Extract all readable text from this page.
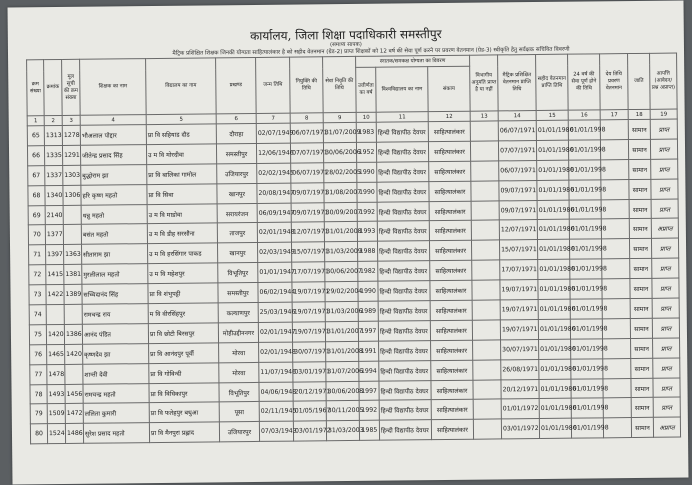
कार्यालय, जिला शिक्षा पदाधिकारी समस्तीपुर
(समाप्य सापक)
मैट्रिक प्रशिक्षित शिक्षक जिनकी योग्यता साहित्यालंकार है को सहीद वेतनमान (ग्रेड-2) प्राप्त शिक्षकों को 12 वर्ष की सेवा पूर्ण करने पर प्रवरण वेतनमान (ग्रेड-3) स्वीकृति हेतु सर्वक्षक सचिवित विवरणी
क्रम संख्या	क्रमांक	मूल सूची की क्रम संख्या	शिक्षक का नाम	विद्यालय का नाम	प्रखण्ड	जन्म तिथि	नियुक्ति की तिथि	सेवा निवृति की तिथि	स्नातक/समकक्ष योग्यता का विवरण			विभागीय अनुमति प्राप्त है या नहीं	मैट्रिक प्रशिक्षित वेतनमान प्राप्ति तिथि	सहीद वेतनमान प्राप्ति तिथि	24 वर्ष की सेवा पूर्ण होने की तिथि	देय तिथि प्रवरण वेतनमान	जाति	आपत्ति (आवेदन/प्रश्न अप्राप्त)
									उत्तीर्णता का वर्ष	विश्वविद्यालय का नाम	संकाय							
1	2	3	4	5	6	7	8	9	10	11	12	13	14	15	16	17	18	19
65	1313	1278	भौअलाल पोद्दार	प्रा वि सहियाड दौड	दौराहा	02/07/1949	06/07/1971	31/07/2009	1983	हिन्दी विद्यापीठ देवघर	साहित्यालंकार		06/07/1971	01/01/1986	01/01/1998		सामान	प्राप्त
66	1335	1291	जीतेन्द्र प्रसाद सिंह	उ म वि मोरदीवा	समस्तीपुर	12/06/1946	07/07/1971	30/06/2006	1952	हिन्दी विद्यापीठ देवघर	साहित्यालंकार		07/07/1971	01/01/1986	01/01/1998		सामान	प्राप्त
67	1337	1303	बुद्धोराम झा	प्रा वि बालिका गामोल	उजियारपुर	02/02/1945	06/07/1971	28/02/2005	1990	हिन्दी विद्यापीठ देवघर	साहित्यालंकार		06/07/1971	01/01/1986	01/01/1998		सामान	प्राप्त
68	1340	1306	हरि कृष्ण महतो	प्रा वि सिवा	खानपुर	20/08/1947	09/07/1971	31/08/2007	1990	हिन्दी विद्यापीठ देवघर	साहित्यालंकार		09/07/1971	01/01/1986	01/01/1998		सामान	प्राप्त
69	2140		धन्नु महतो	उ म वि माडोवा	सरायरंजन	06/09/1947	09/07/1971	30/09/2007	1992	हिन्दी विद्यापीठ देवघर	साहित्यालंकार		09/07/1971	01/01/1986	01/01/1998		सामान	प्राप्त
70	1377		बसंत महतो	उ म वि डीह सरसौना	ताजपुर	02/01/1948	12/07/1971	31/01/2008	1993	हिन्दी विद्यापीठ देवघर	साहित्यालंकार		12/07/1971	01/01/1986	01/01/1998		सामान	अप्राप्त
71	1397	1363	सीताराम झा	उ म वि हरसिंगार पाकड	खानपुर	02/03/1949	15/07/1971	31/03/2009	1988	हिन्दी विद्यापीठ देवघर	साहित्यालंकार		15/07/1971	01/01/1986	01/01/1998		सामान	प्राप्त
72	1415	1381	मुरलीलाल महतो	उ म वि महेशपुर	विभूतिपुर	01/01/1947	17/07/1971	30/06/2007	1982	हिन्दी विद्यापीठ देवघर	साहित्यालंकार		17/07/1971	01/01/1986	01/01/1998		सामान	प्राप्त
73	1422	1389	सच्चिदानंद सिंह	प्रा वि शंभुपट्टी	समस्तीपुर	06/02/1944	19/07/1971	29/02/2004	1990	हिन्दी विद्यापीठ देवघर	साहित्यालंकार		19/07/1971	01/01/1986	01/01/1998		सामान	प्राप्त
74			रामचन्द्र राय	म वि वीरसिंहपुर	कल्याणपुर	25/03/1946	19/07/1971	31/03/2006	1989	हिन्दी विद्यापीठ देवघर	साहित्यालंकार		19/07/1971	01/01/1986	01/01/1998		सामान	प्राप्त
75	1420	1386	आनंद पंडित	प्रा वि छोटी बिरसपुर	मोहीउद्दीननगर	02/01/1947	19/07/1971	31/01/2007	1997	हिन्दी विद्यापीठ देवघर	साहित्यालंकार		19/07/1971	01/01/1986	01/01/1998		सामान	प्राप्त
76	1465	1420	कृष्णदेव झा	प्रा वि आनंदपुर पूर्वी	मोरवा	02/01/1948	30/07/1971	31/01/2008	1991	हिन्दी विद्यापीठ देवघर	साहित्यालंकार		30/07/1971	01/01/1986	01/01/1998		सामान	प्राप्त
77	1478		शान्ती देवी	प्रा वि गोविन्दी	मोरवा	11/07/1946	03/01/1971	31/07/2006	1994	हिन्दी विद्यापीठ देवघर	साहित्यालंकार		26/08/1971	01/01/1986	01/01/1998		सामान	प्राप्त
78	1493	1456	रामचन्द्र महतो	प्रा वि विधिकापुर	विभूतिपुर	04/06/1948	20/12/1971	30/06/2008	1997	हिन्दी विद्यापीठ देवघर	साहित्यालंकार		20/12/1971	01/01/1986	01/01/1998		सामान	प्राप्त
79	1509	1472	ललिता कुमारी	प्रा वि फतेहपुर बधुआ	पूसा	02/11/1945	01/05/1967	30/11/2005	1992	हिन्दी विद्यापीठ देवघर	साहित्यालंकार		01/01/1972	01/01/1986	01/01/1998		सामान	प्राप्त
80	1524	1486	सुरेश प्रसाद महतो	प्रा वि मैनपुरा प्रह्लाद	उजियारपुर	07/03/1943	03/01/1972	31/03/2003	1985	हिन्दी विद्यापीठ देवघर	साहित्यालंकार		03/01/1972	01/01/1986	01/01/1998		सामान	अप्राप्त
